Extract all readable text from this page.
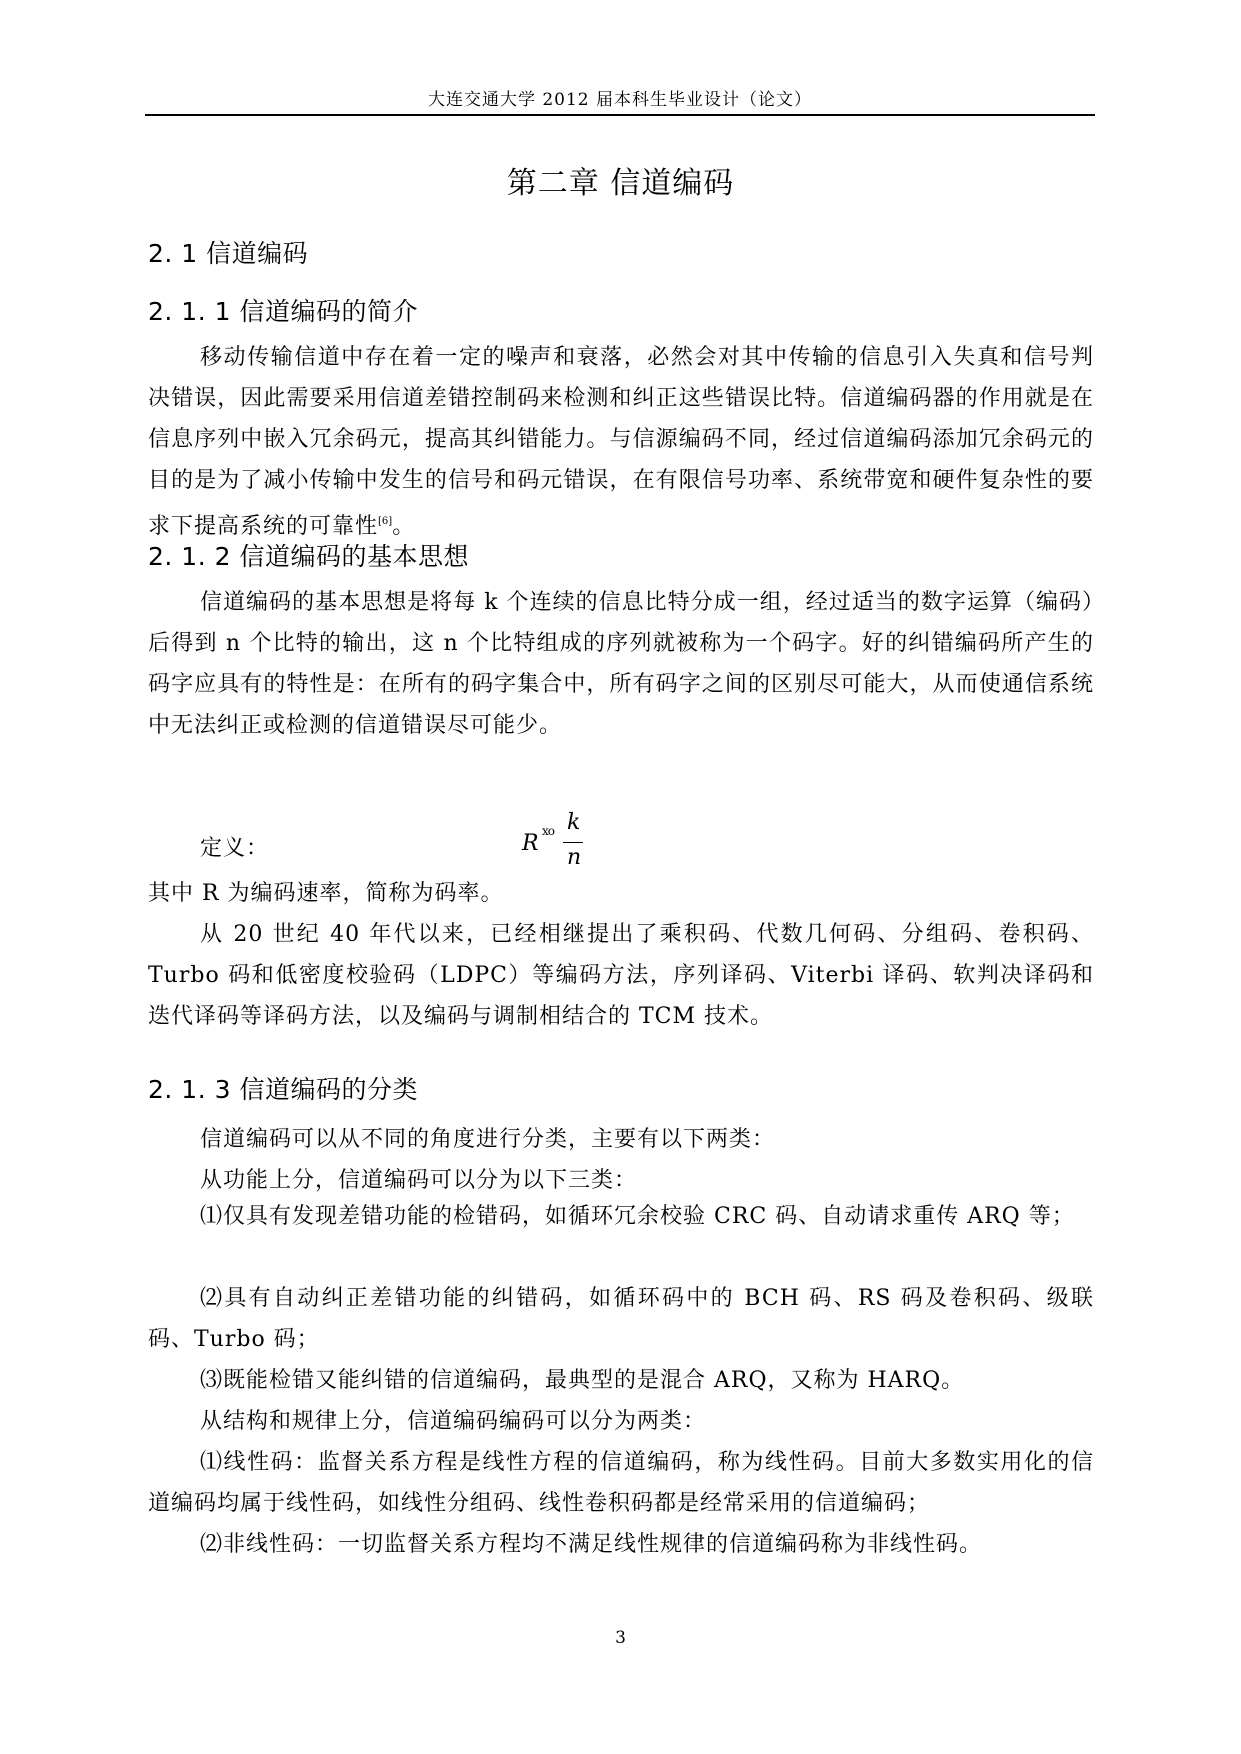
大连交通大学 2012 届本科生毕业设计（论文）
第二章 信道编码
2. 1 信道编码
2. 1. 1 信道编码的简介
移动传输信道中存在着一定的噪声和衰落，必然会对其中传输的信息引入失真和信号判决错误，因此需要采用信道差错控制码来检测和纠正这些错误比特。信道编码器的作用就是在信息序列中嵌入冗余码元，提高其纠错能力。与信源编码不同，经过信道编码添加冗余码元的目的是为了减小传输中发生的信号和码元错误，在有限信号功率、系统带宽和硬件复杂性的要求下提高系统的可靠性[6]。
2. 1. 2 信道编码的基本思想
信道编码的基本思想是将每 k 个连续的信息比特分成一组，经过适当的数字运算（编码）后得到 n 个比特的输出，这 n 个比特组成的序列就被称为一个码字。好的纠错编码所产生的码字应具有的特性是：在所有的码字集合中，所有码字之间的区别尽可能大，从而使通信系统中无法纠正或检测的信道错误尽可能少。
定义：	R xo k
n
其中 R 为编码速率，简称为码率。
从 20 世纪 40 年代以来，已经相继提出了乘积码、代数几何码、分组码、卷积码、Turbo 码和低密度校验码（LDPC）等编码方法，序列译码、Viterbi 译码、软判决译码和迭代译码等译码方法，以及编码与调制相结合的 TCM 技术。
2. 1. 3 信道编码的分类
信道编码可以从不同的角度进行分类，主要有以下两类：
从功能上分，信道编码可以分为以下三类：
⑴仅具有发现差错功能的检错码，如循环冗余校验 CRC 码、自动请求重传 ARQ 等；
⑵具有自动纠正差错功能的纠错码，如循环码中的 BCH 码、RS 码及卷积码、级联码、Turbo 码；
⑶既能检错又能纠错的信道编码，最典型的是混合 ARQ，又称为 HARQ。
从结构和规律上分，信道编码编码可以分为两类：
⑴线性码：监督关系方程是线性方程的信道编码，称为线性码。目前大多数实用化的信道编码均属于线性码，如线性分组码、线性卷积码都是经常采用的信道编码；
⑵非线性码：一切监督关系方程均不满足线性规律的信道编码称为非线性码。
3
